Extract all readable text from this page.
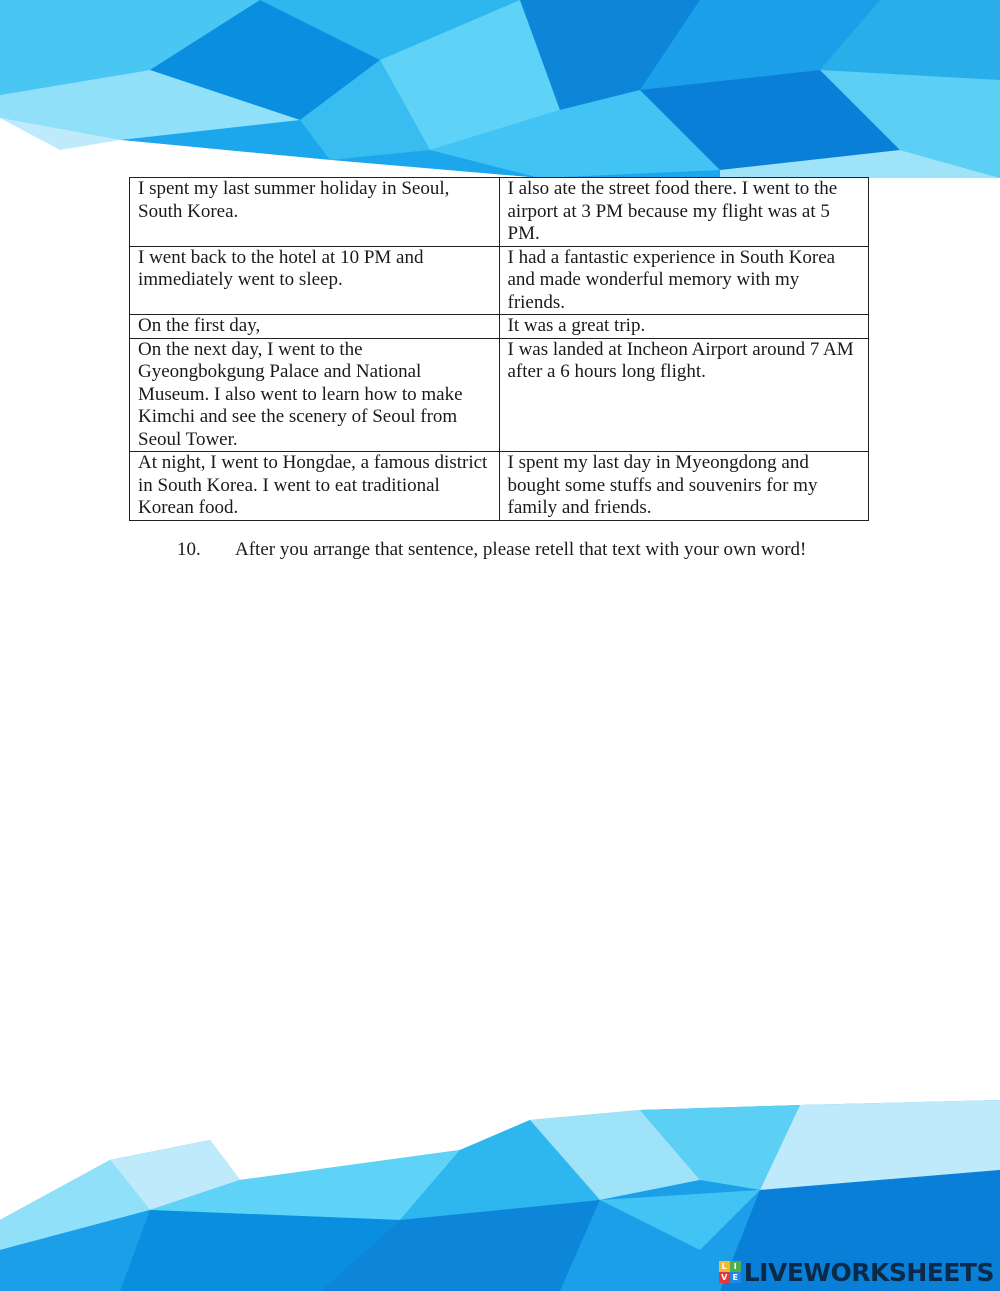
I spent my last summer holiday in Seoul, South Korea.	I also ate the street food there. I went to the airport at 3 PM because my flight was at 5 PM.
I went back to the hotel at 10 PM and immediately went to sleep.	I had a fantastic experience in South Korea and made wonderful memory with my friends.
On the first day,	It was a great trip.
On the next day, I went to the Gyeongbokgung Palace and National Museum. I also went to learn how to make Kimchi and see the scenery of Seoul from Seoul Tower.	I was landed at Incheon Airport around 7 AM after a 6 hours long flight.
At night, I went to Hongdae, a famous district in South Korea. I went to eat traditional Korean food.	I spent my last day in Myeongdong and bought some stuffs and souvenirs for my family and friends.
10. After you arrange that sentence, please retell that text with your own word!
L I
V E LIVEWORKSHEETS
